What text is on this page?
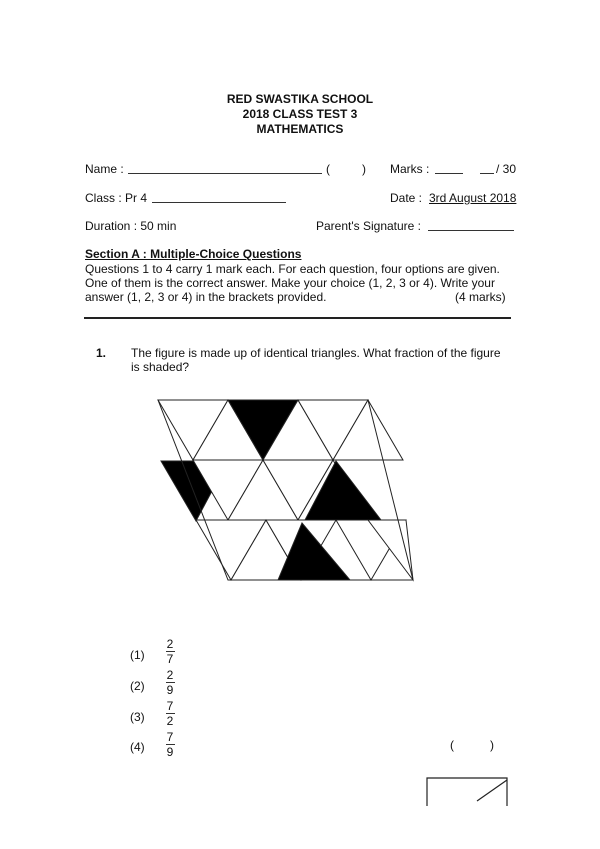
RED SWASTIKA SCHOOL
2018 CLASS TEST 3
MATHEMATICS
Name :	(	) Marks :	/ 30
Class : Pr 4	Date : 3rd August 2018
Duration : 50 min	Parent's Signature :
Section A : Multiple-Choice Questions
Questions 1 to 4 carry 1 mark each. For each question, four options are given.
One of them is the correct answer. Make your choice (1, 2, 3 or 4). Write your
answer (1, 2, 3 or 4) in the brackets provided.	(4 marks)
1. The figure is made up of identical triangles. What fraction of the figure
is shaded?
(1)
2
7
(2)
2
9
(3)
7
2
(4)
7
9	(	)
